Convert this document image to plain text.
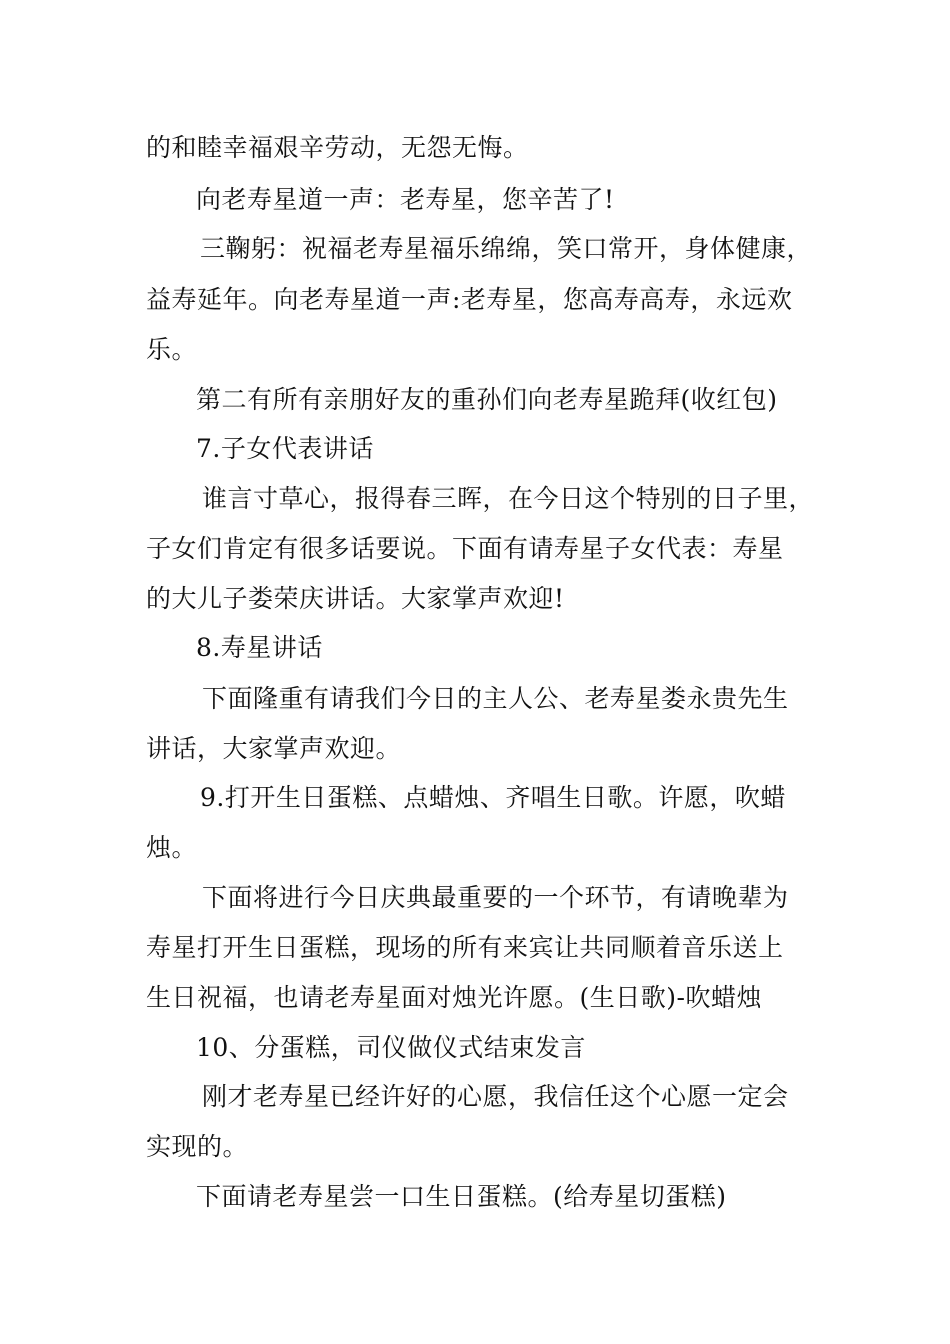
的和睦幸福艰辛劳动，无怨无悔。
向老寿星道一声：老寿星，您辛苦了!
三鞠躬：祝福老寿星福乐绵绵，笑口常开，身体健康，
益寿延年。向老寿星道一声:老寿星，您高寿高寿，永远欢
乐。
第二有所有亲朋好友的重孙们向老寿星跪拜(收红包)
7.子女代表讲话
谁言寸草心，报得春三晖，在今日这个特别的日子里，
子女们肯定有很多话要说。下面有请寿星子女代表：寿星
的大儿子娄荣庆讲话。大家掌声欢迎!
8.寿星讲话
下面隆重有请我们今日的主人公、老寿星娄永贵先生
讲话，大家掌声欢迎。
9.打开生日蛋糕、点蜡烛、齐唱生日歌。许愿，吹蜡
烛。
下面将进行今日庆典最重要的一个环节，有请晚辈为
寿星打开生日蛋糕，现场的所有来宾让共同顺着音乐送上
生日祝福，也请老寿星面对烛光许愿。(生日歌)-吹蜡烛
10、分蛋糕，司仪做仪式结束发言
刚才老寿星已经许好的心愿，我信任这个心愿一定会
实现的。
下面请老寿星尝一口生日蛋糕。(给寿星切蛋糕)
